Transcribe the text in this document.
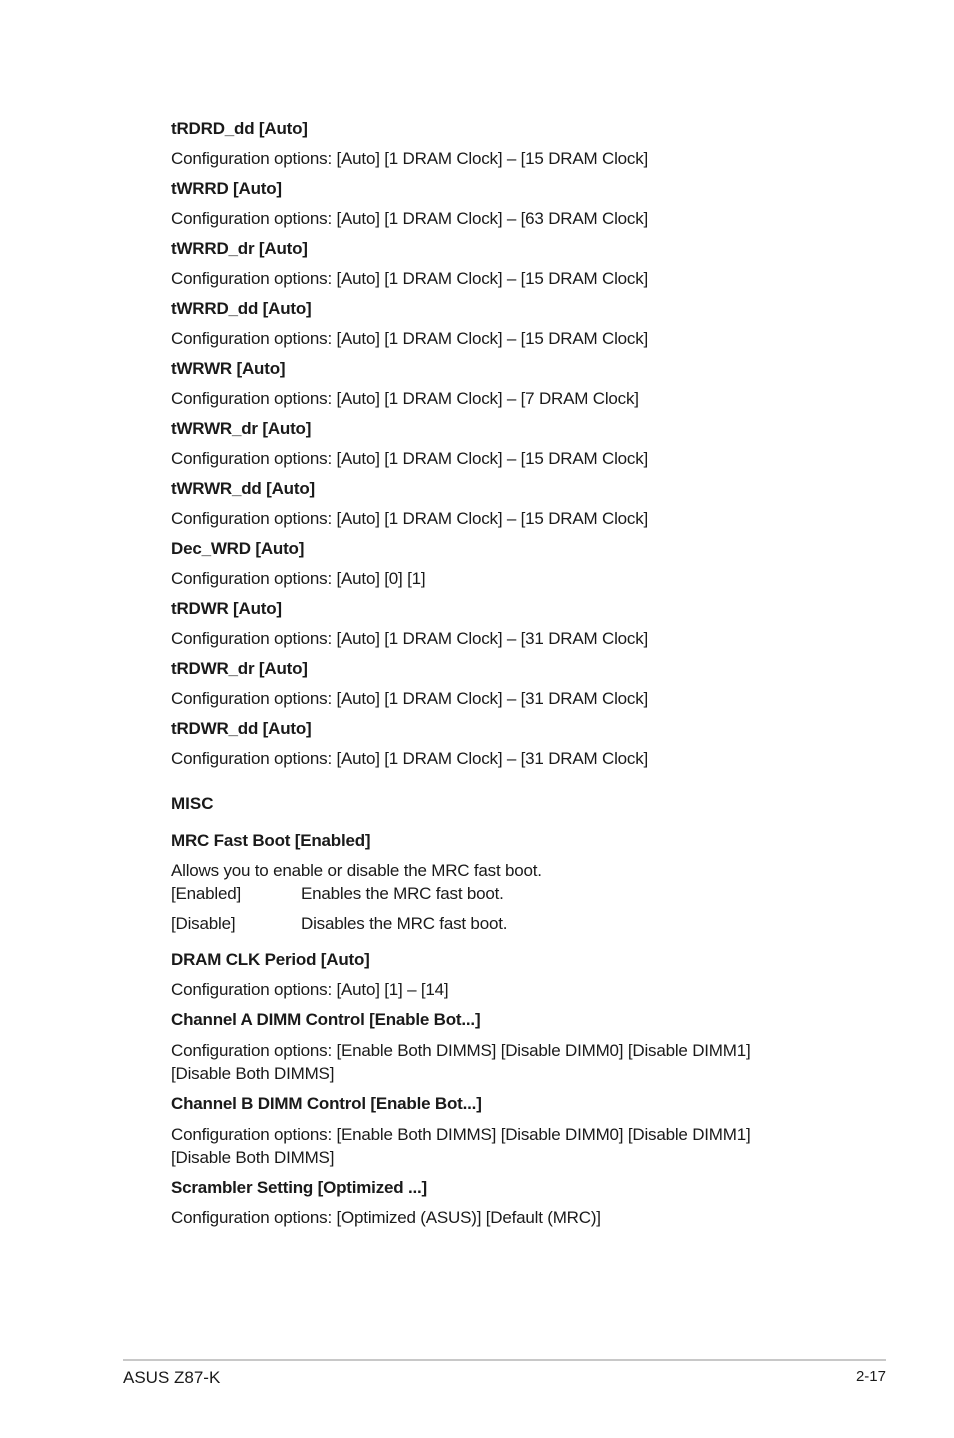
tRDRD_dd [Auto]
Configuration options: [Auto] [1 DRAM Clock] – [15 DRAM Clock]
tWRRD [Auto]
Configuration options: [Auto] [1 DRAM Clock] – [63 DRAM Clock]
tWRRD_dr [Auto]
Configuration options: [Auto] [1 DRAM Clock] – [15 DRAM Clock]
tWRRD_dd [Auto]
Configuration options: [Auto] [1 DRAM Clock] – [15 DRAM Clock]
tWRWR [Auto]
Configuration options: [Auto] [1 DRAM Clock] – [7 DRAM Clock]
tWRWR_dr [Auto]
Configuration options: [Auto] [1 DRAM Clock] – [15 DRAM Clock]
tWRWR_dd [Auto]
Configuration options: [Auto] [1 DRAM Clock] – [15 DRAM Clock]
Dec_WRD [Auto]
Configuration options: [Auto] [0] [1]
tRDWR [Auto]
Configuration options: [Auto] [1 DRAM Clock] – [31 DRAM Clock]
tRDWR_dr [Auto]
Configuration options: [Auto] [1 DRAM Clock] – [31 DRAM Clock]
tRDWR_dd [Auto]
Configuration options: [Auto] [1 DRAM Clock] – [31 DRAM Clock]
MISC
MRC Fast Boot [Enabled]
Allows you to enable or disable the MRC fast boot.
[Enabled]	Enables the MRC fast boot.
[Disable]	Disables the MRC fast boot.
DRAM CLK Period [Auto]
Configuration options: [Auto] [1] – [14]
Channel A DIMM Control [Enable Bot...]
Configuration options: [Enable Both DIMMS] [Disable DIMM0] [Disable DIMM1]
[Disable Both DIMMS]
Channel B DIMM Control [Enable Bot...]
Configuration options: [Enable Both DIMMS] [Disable DIMM0] [Disable DIMM1]
[Disable Both DIMMS]
Scrambler Setting [Optimized ...]
Configuration options: [Optimized (ASUS)] [Default (MRC)]
ASUS Z87-K	2-17
